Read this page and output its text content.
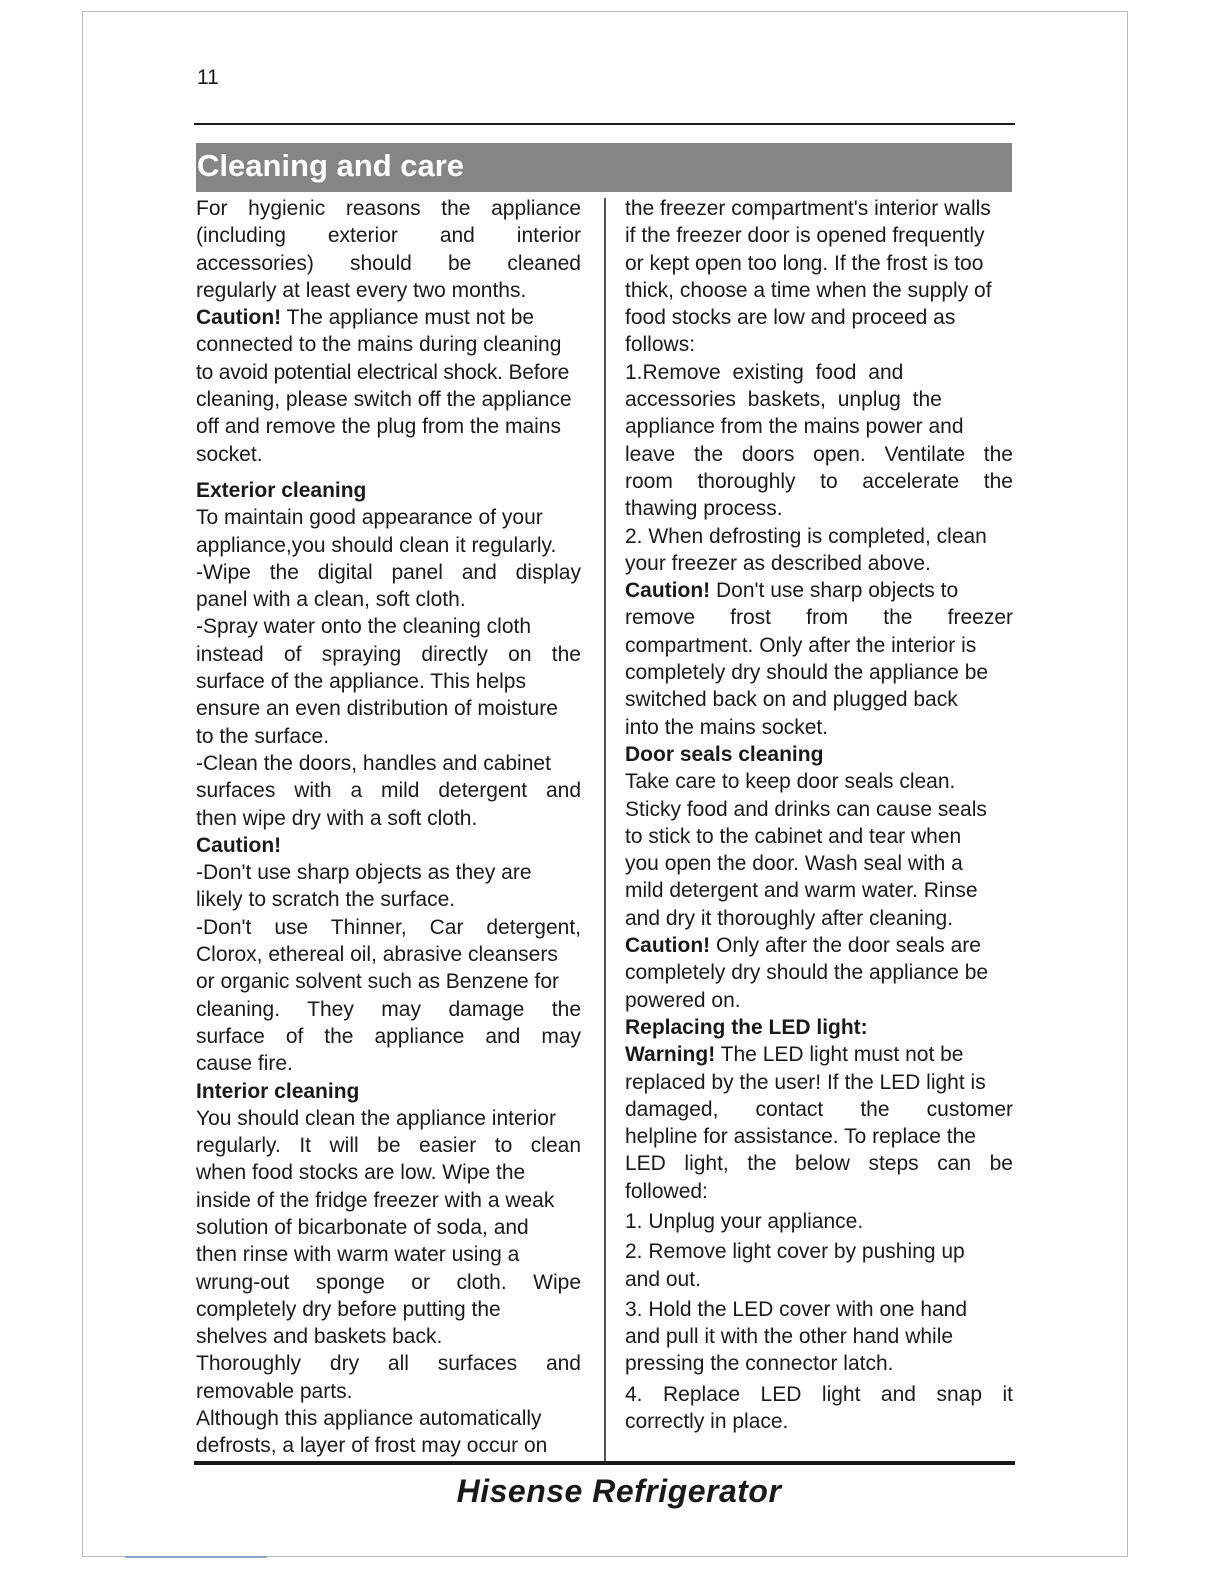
11
Cleaning and care

For hygienic reasons the appliance

(including exterior and interior

accessories) should be cleaned

regularly at least every two months.

Caution! The appliance must not be

connected to the mains during cleaning

to avoid potential electrical shock. Before

cleaning, please switch off the appliance

off and remove the plug from the mains

socket.

Exterior cleaning

To maintain good appearance of your

appliance,you should clean it regularly.

-Wipe the digital panel and display

panel with a clean, soft cloth.

-Spray water onto the cleaning cloth

instead of spraying directly on the

surface of the appliance. This helps

ensure an even distribution of moisture

to the surface.

-Clean the doors, handles and cabinet

surfaces with a mild detergent and

then wipe dry with a soft cloth.

Caution!

-Don't use sharp objects as they are

likely to scratch the surface.

-Don't use Thinner, Car detergent,

Clorox, ethereal oil, abrasive cleansers

or organic solvent such as Benzene for

cleaning. They may damage the

surface of the appliance and may

cause fire.

Interior cleaning

You should clean the appliance interior

regularly. It will be easier to clean

when food stocks are low. Wipe the

inside of the fridge freezer with a weak

solution of bicarbonate of soda, and

then rinse with warm water using a

wrung-out sponge or cloth. Wipe

completely dry before putting the

shelves and baskets back.

Thoroughly dry all surfaces and

removable parts.

Although this appliance automatically

defrosts, a layer of frost may occur on

the freezer compartment's interior walls

if the freezer door is opened frequently

or kept open too long. If the frost is too

thick, choose a time when the supply of

food stocks are low and proceed as

follows:

1.Remove existing food and

accessories baskets, unplug the

appliance from the mains power and

leave the doors open. Ventilate the

room thoroughly to accelerate the

thawing process.

2. When defrosting is completed, clean

your freezer as described above.

Caution! Don't use sharp objects to

remove frost from the freezer

compartment. Only after the interior is

completely dry should the appliance be

switched back on and plugged back

into the mains socket.

Door seals cleaning

Take care to keep door seals clean.

Sticky food and drinks can cause seals

to stick to the cabinet and tear when

you open the door. Wash seal with a

mild detergent and warm water. Rinse

and dry it thoroughly after cleaning.

Caution! Only after the door seals are

completely dry should the appliance be

powered on.

Replacing the LED light:

Warning! The LED light must not be

replaced by the user! If the LED light is

damaged, contact the customer

helpline for assistance. To replace the

LED light, the below steps can be

followed:

1. Unplug your appliance.

2. Remove light cover by pushing up

and out.

3. Hold the LED cover with one hand

and pull it with the other hand while

pressing the connector latch.

4. Replace LED light and snap it

correctly in place.

Hisense Refrigerator
